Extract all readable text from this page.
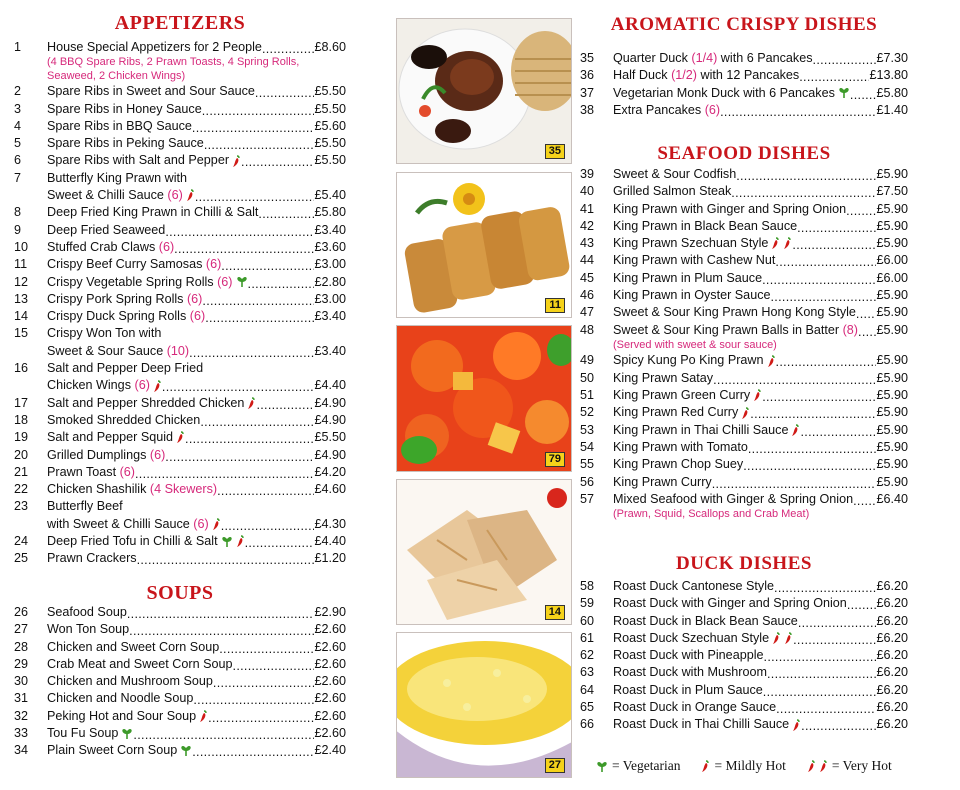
APPETIZERS
1	House Special Appetizers for 2 People .....	£8.60
(4 BBQ Spare Ribs, 2 Prawn Toasts, 4 Spring Rolls,
Seaweed, 2 Chicken Wings)
2	Spare Ribs in Sweet and Sour Sauce .....	£5.50
3	Spare Ribs in Honey Sauce .....	£5.50
4	Spare Ribs in BBQ Sauce .....	£5.60
5	Spare Ribs in Peking Sauce .....	£5.50
6	Spare Ribs with Salt and Pepper .....	£5.50
7	Butterfly King Prawn with
Sweet & Chilli Sauce (6) .....	£5.40
8	Deep Fried King Prawn in Chilli & Salt .....	£5.80
9	Deep Fried Seaweed .....	£3.40
10	Stuffed Crab Claws (6) .....	£3.60
11	Crispy Beef Curry Samosas (6) .....	£3.00
12	Crispy Vegetable Spring Rolls (6) .....	£2.80
13	Crispy Pork Spring Rolls (6) .....	£3.00
14	Crispy Duck Spring Rolls (6) .....	£3.40
15	Crispy Won Ton with
Sweet & Sour Sauce (10) .....	£3.40
16	Salt and Pepper Deep Fried
Chicken Wings (6) .....	£4.40
17	Salt and Pepper Shredded Chicken .....	£4.90
18	Smoked Shredded Chicken .....	£4.90
19	Salt and Pepper Squid .....	£5.50
20	Grilled Dumplings (6) .....	£4.90
21	Prawn Toast (6) .....	£4.20
22	Chicken Shashilik (4 Skewers) .....	£4.60
23	Butterfly Beef
with Sweet & Chilli Sauce (6) .....	£4.30
24	Deep Fried Tofu in Chilli & Salt .....	£4.40
25	Prawn Crackers .....	£1.20
SOUPS
26	Seafood Soup .....	£2.90
27	Won Ton Soup .....	£2.60
28	Chicken and Sweet Corn Soup .....	£2.60
29	Crab Meat and Sweet Corn Soup .....	£2.60
30	Chicken and Mushroom Soup .....	£2.60
31	Chicken and Noodle Soup .....	£2.60
32	Peking Hot and Sour Soup .....	£2.60
33	Tou Fu Soup .....	£2.60
34	Plain Sweet Corn Soup .....	£2.40
35
11
79
14
27
AROMATIC CRISPY DISHES
35	Quarter Duck (1/4) with 6 Pancakes .....	£7.30
36	Half Duck (1/2) with 12 Pancakes .....	£13.80
37	Vegetarian Monk Duck with 6 Pancakes .....	£5.80
38	Extra Pancakes (6) .....	£1.40
SEAFOOD DISHES
39	Sweet & Sour Codfish .....	£5.90
40	Grilled Salmon Steak .....	£7.50
41	King Prawn with Ginger and Spring Onion ..... £5.90
42	King Prawn in Black Bean Sauce .....	£5.90
43	King Prawn Szechuan Style .....	£5.90
44	King Prawn with Cashew Nut .....	£6.00
45	King Prawn in Plum Sauce .....	£6.00
46	King Prawn in Oyster Sauce .....	£5.90
47	Sweet & Sour King Prawn Hong Kong Style ..... £5.90
48	Sweet & Sour King Prawn Balls in Batter (8) ..... £5.90
(Served with sweet & sour sauce)
49	Spicy Kung Po King Prawn .....	£5.90
50	King Prawn Satay .....	£5.90
51	King Prawn Green Curry .....	£5.90
52	King Prawn Red Curry .....	£5.90
53	King Prawn in Thai Chilli Sauce .....	£5.90
54	King Prawn with Tomato .....	£5.90
55	King Prawn Chop Suey .....	£5.90
56	King Prawn Curry .....	£5.90
57	Mixed Seafood with Ginger & Spring Onion ..... £6.40
(Prawn, Squid, Scallops and Crab Meat)
DUCK DISHES
58	Roast Duck Cantonese Style .....	£6.20
59	Roast Duck with Ginger and Spring Onion ..... £6.20
60	Roast Duck in Black Bean Sauce .....	£6.20
61	Roast Duck Szechuan Style .....	£6.20
62	Roast Duck with Pineapple .....	£6.20
63	Roast Duck with Mushroom .....	£6.20
64	Roast Duck in Plum Sauce .....	£6.20
65	Roast Duck in Orange Sauce .....	£6.20
66	Roast Duck in Thai Chilli Sauce .....	£6.20
= Vegetarian	= Mildly Hot	= Very Hot
